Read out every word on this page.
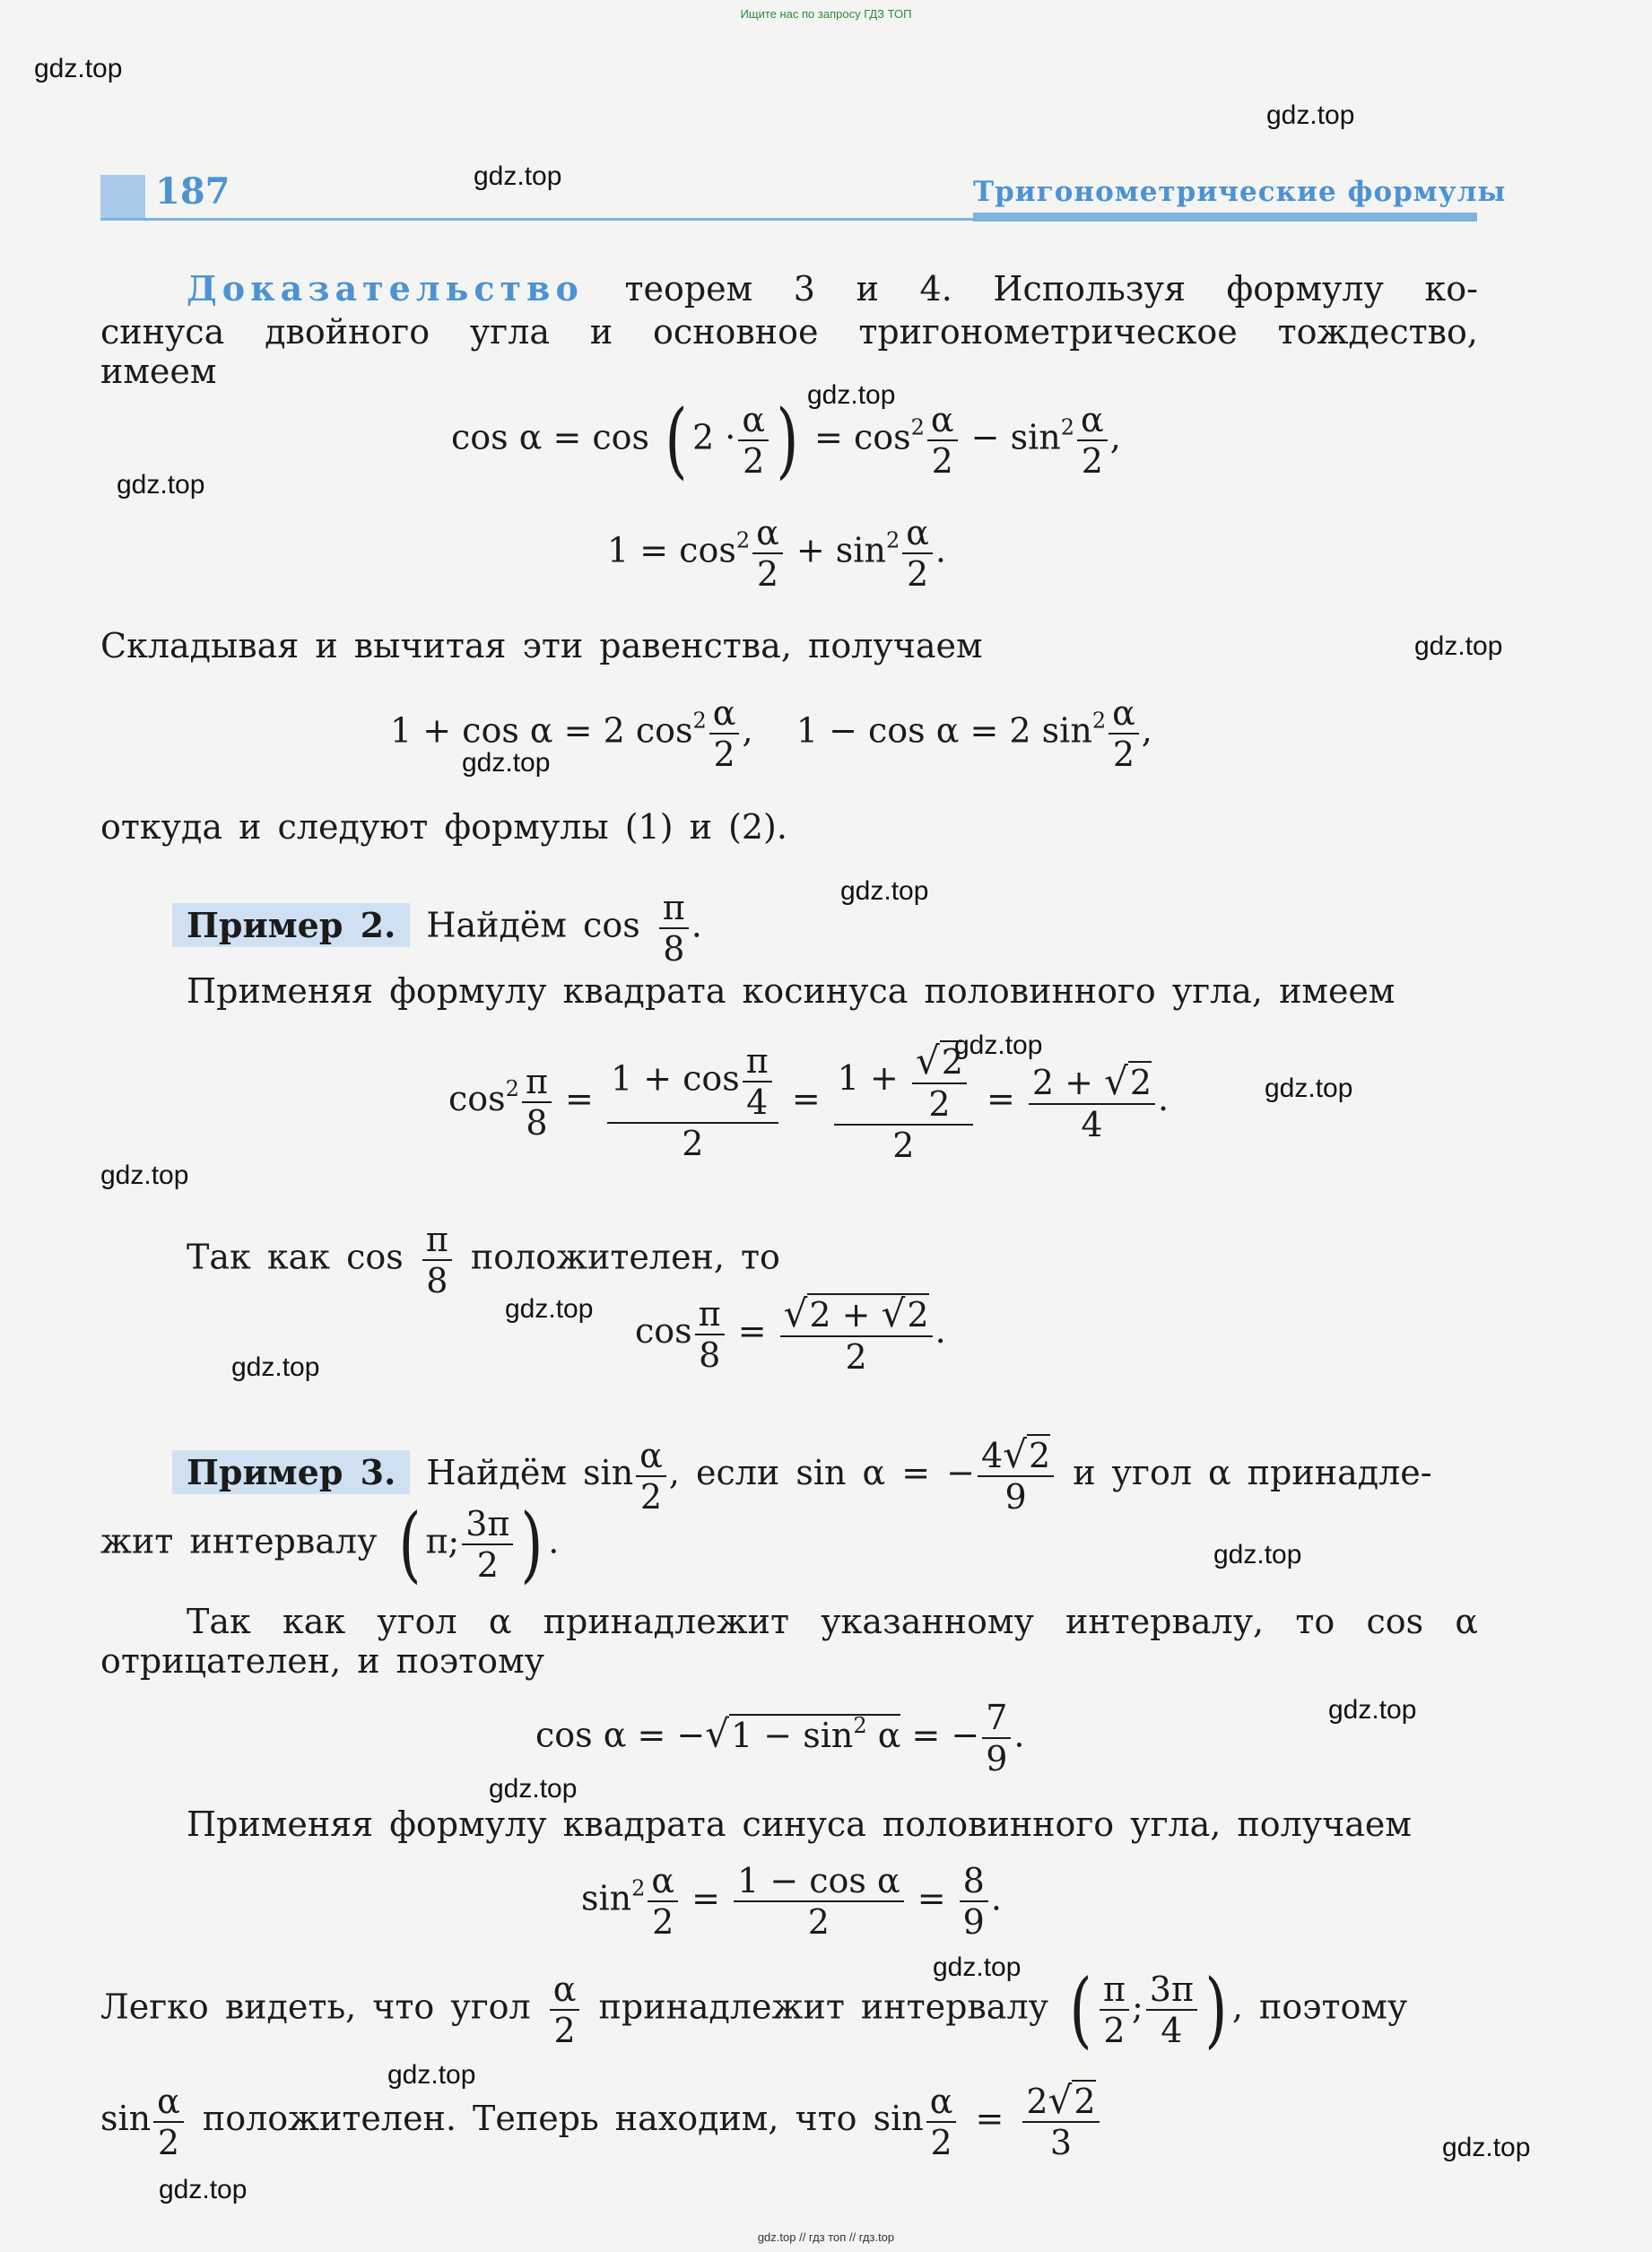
Ищите нас по запросу ГДЗ ТОП
gdz.top
gdz.top
gdz.top
gdz.top
gdz.top
gdz.top
gdz.top
gdz.top
gdz.top
gdz.top
gdz.top
gdz.top
gdz.top
gdz.top
gdz.top
gdz.top
gdz.top
gdz.top
gdz.top
gdz.top
187	Тригонометрические формулы
Доказательство теорем 3 и 4. Используя формулу ко-
синуса двойного угла и основное тригонометрическое тождество,
имеем
cos α = cos ( $2 \cdot \frac{\alpha}{2}$ ) = $\cos^2 \frac{\alpha}{2} - \sin^2 \frac{\alpha}{2}$ ,
$1 = \cos^2 \frac{\alpha}{2} + \sin^2 \frac{\alpha}{2}$ .
Складывая и вычитая эти равенства, получаем
1 + cos α = 2 $\cos^2 \frac{\alpha}{2}$ ,    1 − cos α = 2 $\sin^2 \frac{\alpha}{2}$ ,
откуда и следуют формулы (1) и (2).
Пример 2. Найдём $\cos \frac{\pi}{8}$ .
Применяя формулу квадрата косинуса половинного угла, имеем
$\cos^2 \frac{\pi}{8} = \frac{1 + \cos \frac{\pi}{4}}{2} = \frac{1 + \frac{√2}{2}}{2} = \frac{2 + √2}{4}$ .
Так как $\cos \frac{\pi}{8}$ положителен, то
$\cos \frac{\pi}{8} = \frac{√2 + √2}{2}$ .
Пример 3. Найдём $\sin \frac{\alpha}{2}$ , если sin α = − $\frac{4√2}{9}$ и угол α принадле-
жит интервалу ( π; $\frac{3\pi}{2}$ ) .
Так как угол α принадлежит указанному интервалу, то cos α
отрицателен, и поэтому
$\cos \alpha = -√1 - \sin^2 \alpha$ = − $\frac{7}{9}$ .
Применяя формулу квадрата синуса половинного угла, получаем
$\sin^2 \frac{\alpha}{2} = \frac{\text{1 − cos α}}{2} = \frac{8}{9}$ .
Легко видеть, что угол $\frac{\alpha}{2}$ принадлежит интервалу ( $\frac{\pi}{2}$ ; $\frac{3\pi}{4}$ ) , поэтому
$\sin \frac{\alpha}{2}$ положителен. Теперь находим, что $\sin \frac{\alpha}{2} = \frac{2√2}{3}$
gdz.top // гдз топ // гдз.top
